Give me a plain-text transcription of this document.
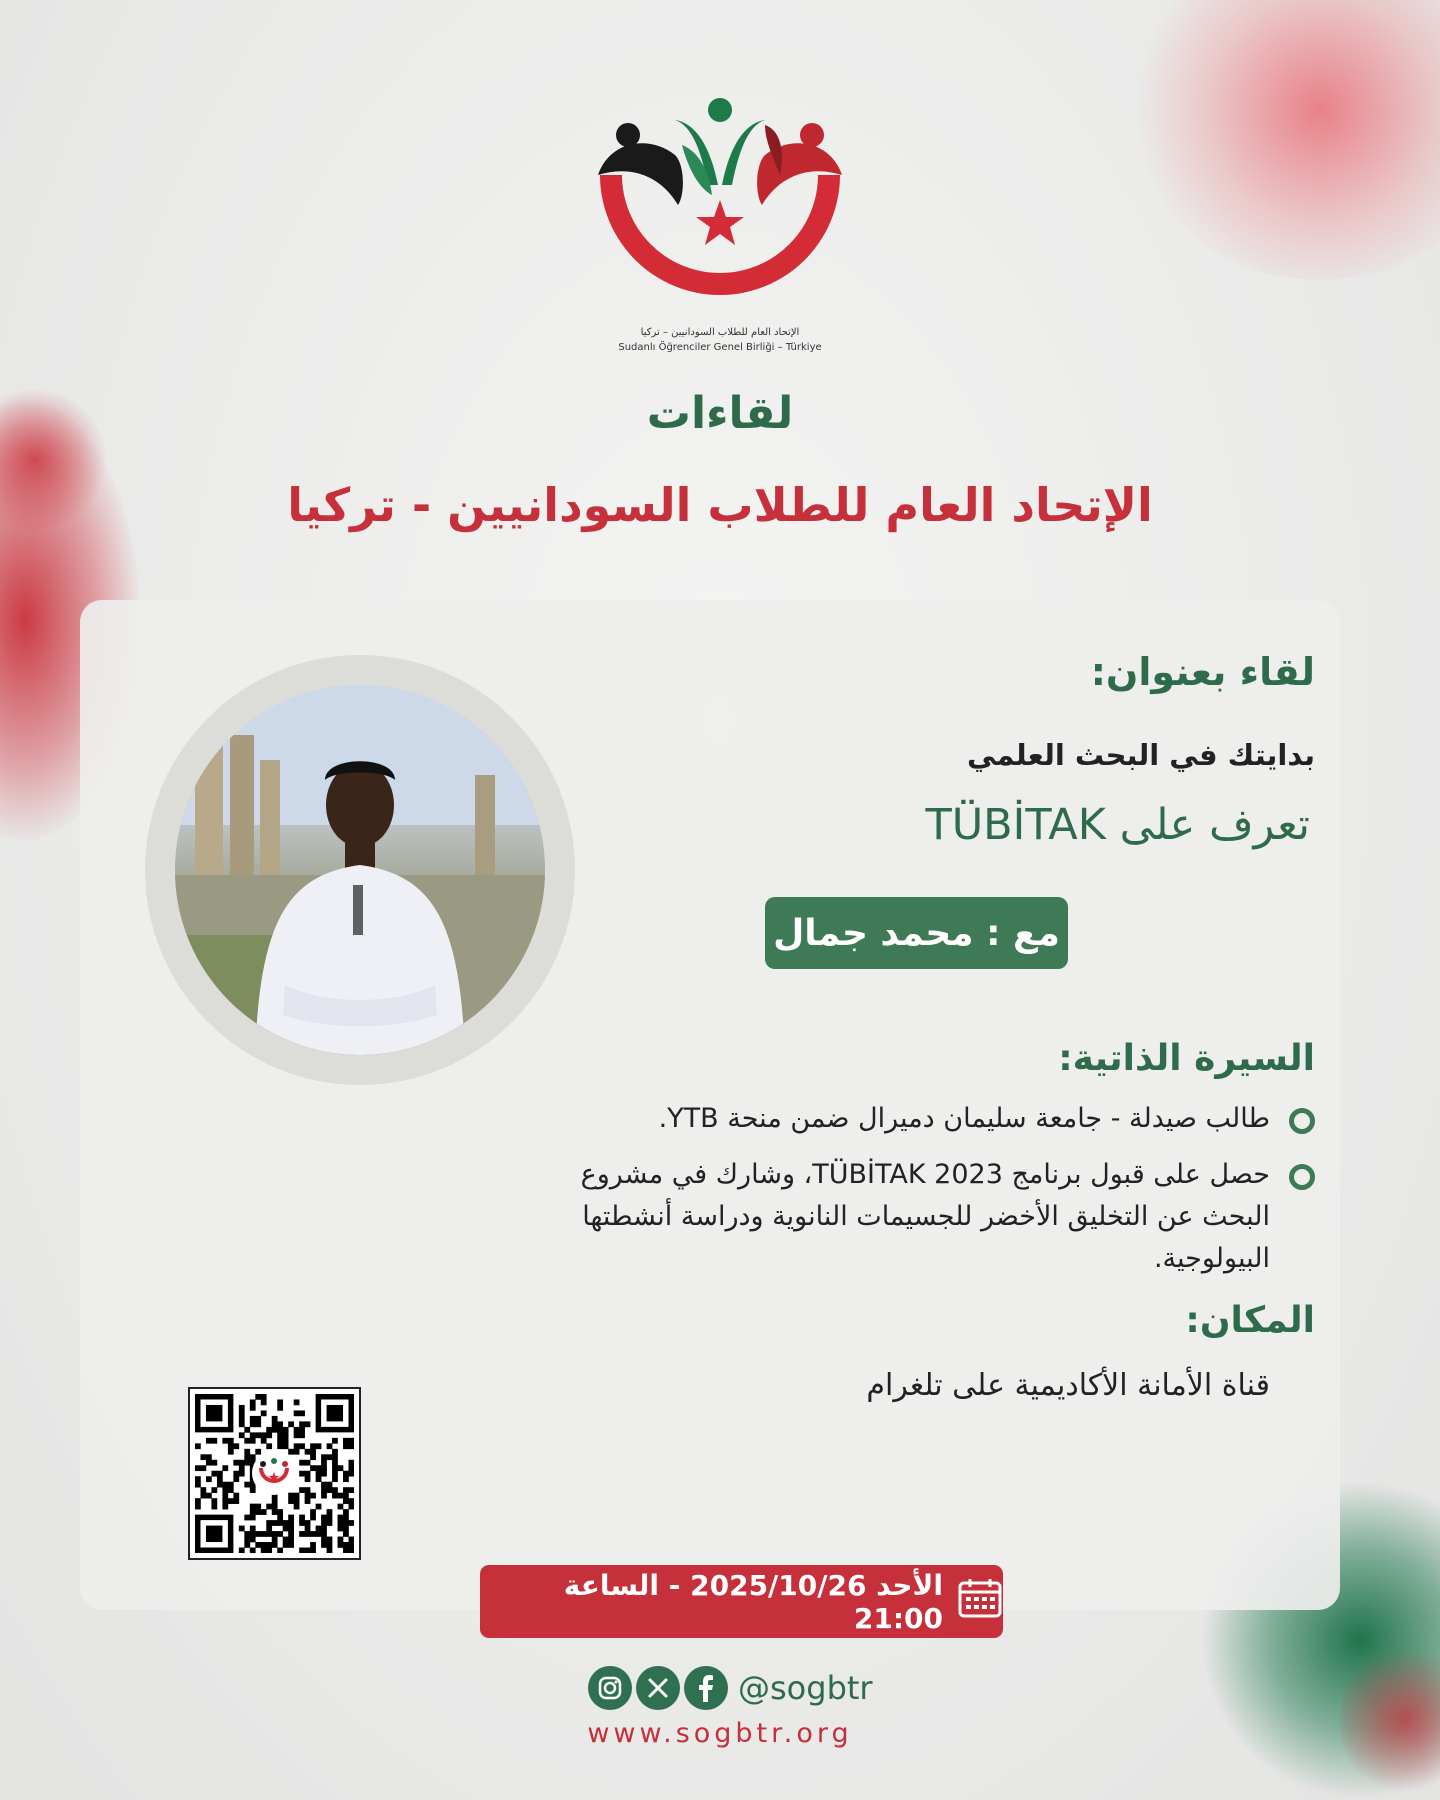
الإتحاد العام للطلاب السودانيين – تركيا
Sudanlı Öğrenciler Genel Birliği – Türkiye
لقاءات
الإتحاد العام للطلاب السودانيين - تركيا
لقاء بعنوان:
بدايتك في البحث العلمي
تعرف على TÜBİTAK
مع : محمد جمال
السيرة الذاتية:
طالب صيدلة - جامعة سليمان دميرال ضمن منحة YTB.
حصل على قبول برنامج TÜBİTAK 2023، وشارك في مشروع البحث عن التخليق الأخضر للجسيمات النانوية ودراسة أنشطتها البيولوجية.
المكان:
قناة الأمانة الأكاديمية على تلغرام
الأحد 2025/10/26 - الساعة 21:00
@sogbtr
www.sogbtr.org
